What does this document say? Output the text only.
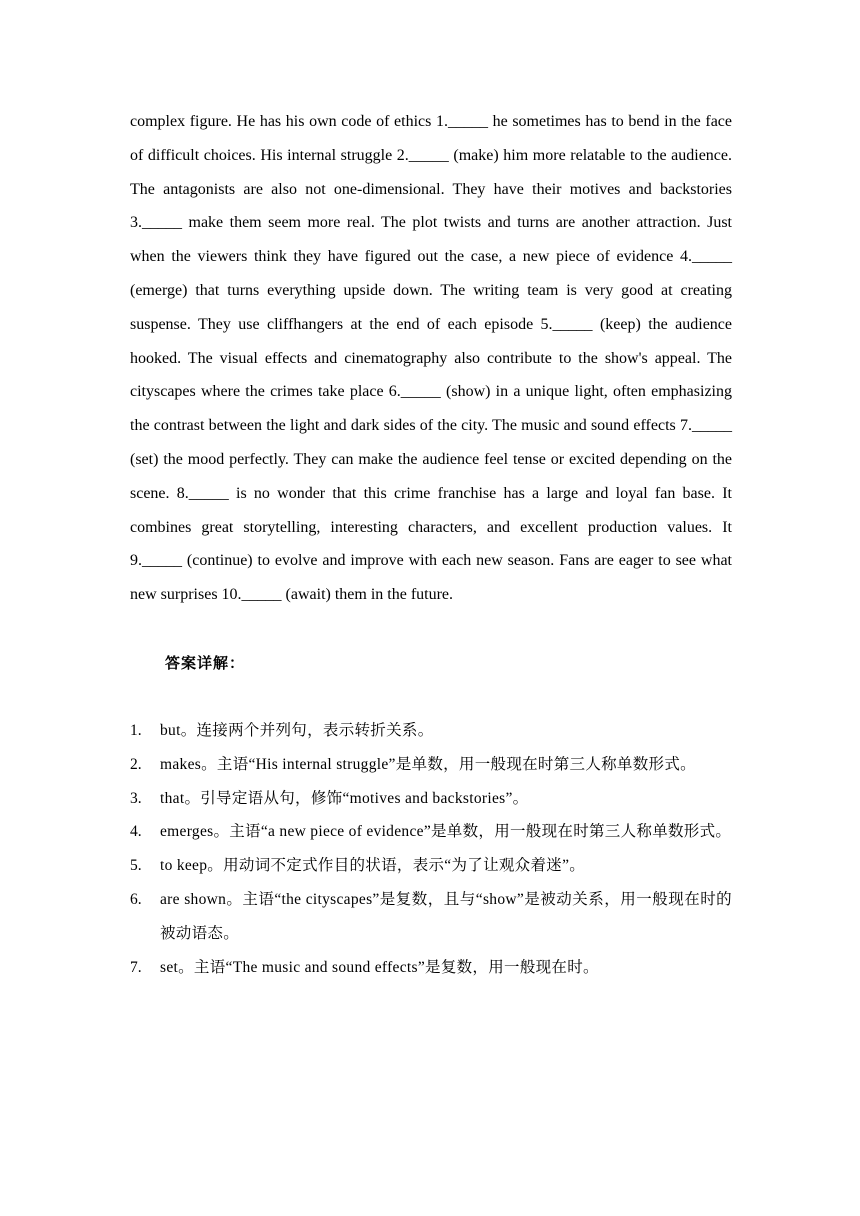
complex figure. He has his own code of ethics 1._____ he sometimes has to bend in the face of difficult choices. His internal struggle 2._____ (make) him more relatable to the audience. The antagonists are also not one-dimensional. They have their motives and backstories 3._____ make them seem more real. The plot twists and turns are another attraction. Just when the viewers think they have figured out the case, a new piece of evidence 4._____ (emerge) that turns everything upside down. The writing team is very good at creating suspense. They use cliffhangers at the end of each episode 5._____ (keep) the audience hooked. The visual effects and cinematography also contribute to the show's appeal. The cityscapes where the crimes take place 6._____ (show) in a unique light, often emphasizing the contrast between the light and dark sides of the city. The music and sound effects 7._____ (set) the mood perfectly. They can make the audience feel tense or excited depending on the scene. 8._____ is no wonder that this crime franchise has a large and loyal fan base. It combines great storytelling, interesting characters, and excellent production values. It 9._____ (continue) to evolve and improve with each new season. Fans are eager to see what new surprises 10._____ (await) them in the future.

答案详解：
1. but。连接两个并列句，表示转折关系。
2. makes。主语“His internal struggle”是单数，用一般现在时第三人称单数形式。
3. that。引导定语从句，修饰“motives and backstories”。
4. emerges。主语“a new piece of evidence”是单数，用一般现在时第三人称单数形式。
5. to keep。用动词不定式作目的状语，表示“为了让观众着迷”。
6. are shown。主语“the cityscapes”是复数，且与“show”是被动关系，用一般现在时的被动语态。
7. set。主语“The music and sound effects”是复数，用一般现在时。
